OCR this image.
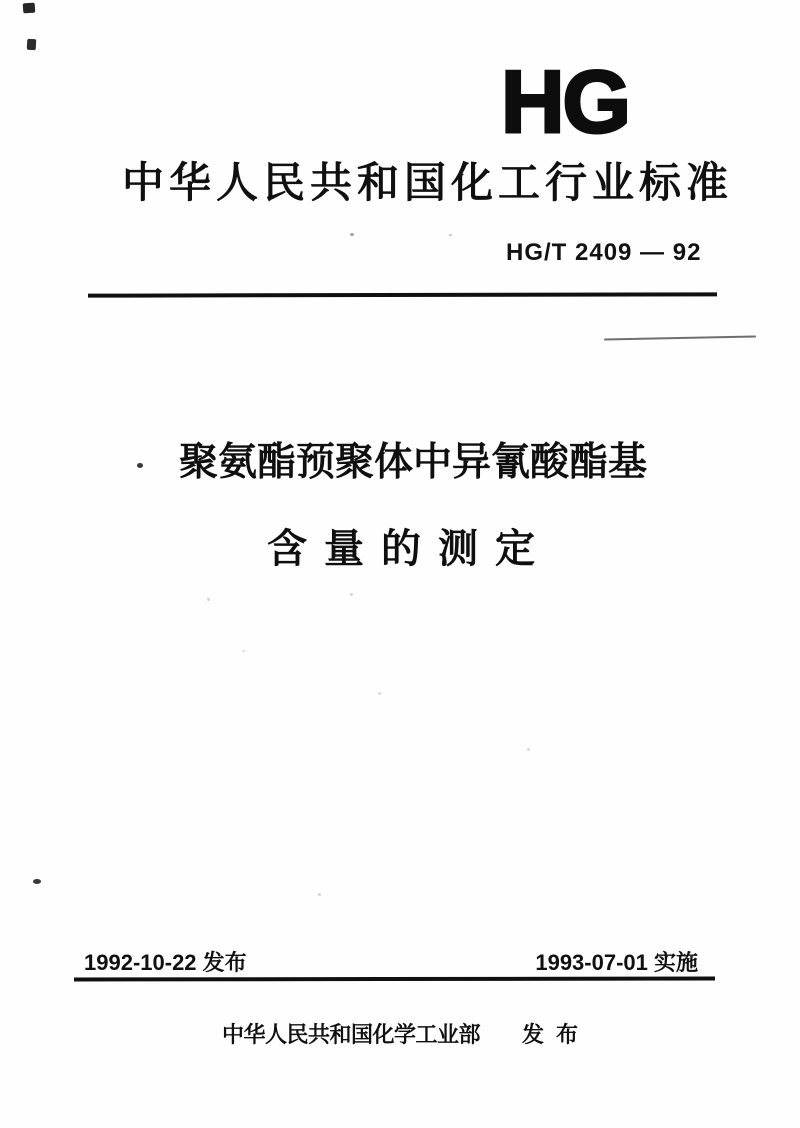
HG
中华人民共和国化工行业标准
HG/T 2409 — 92
聚氨酯预聚体中异氰酸酯基
含量的测定
1992-10-22 发布	1993-07-01 实施
中华人民共和国化学工业部 发布
